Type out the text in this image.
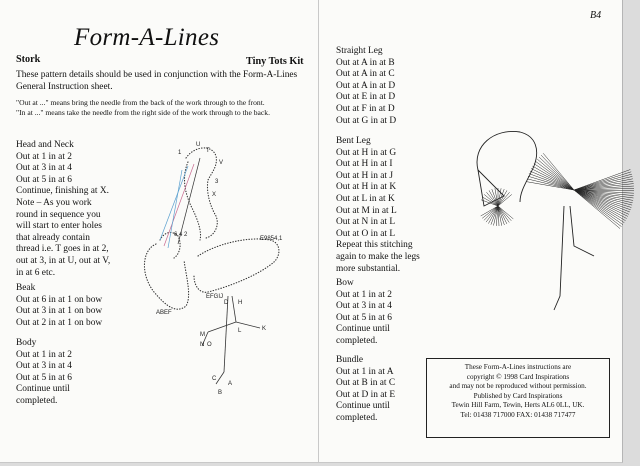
B4
Form-A-Lines
Stork	Tiny Tots Kit
These pattern details should be used in conjunction with the Form-A-Lines General Instruction sheet.
"Out at ..." means bring the needle from the back of the work through to the front.
"In at ..." means take the needle from the right side of the work through to the back.
Head and Neck
Out at 1 in at 2
Out at 3 in at 4
Out at 5 in at 6
Continue, finishing at X.
Note – As you work
round in sequence you
will start to enter holes
that already contain
thread i.e. T goes in at 2,
out at 3, in at U, out at V,
in at 6 etc.
Beak
Out at 6 in at 1 on bow
Out at 3 in at 1 on bow
Out at 2 in at 1 on bow
Body
Out at 1 in at 2
Out at 3 in at 4
Out at 5 in at 6
Continue until
completed.
Straight Leg
Out at A in at B
Out at A in at C
Out at A in at D
Out at E in at D
Out at F in at D
Out at G in at D
Bent Leg
Out at H in at G
Out at H in at I
Out at H in at J
Out at H in at K
Out at L in at K
Out at M in at L
Out at N in at L
Out at O in at L
Repeat this stitching
again to make the legs
more substantial.
Bow
Out at 1 in at 2
Out at 3 in at 4
Out at 5 in at 6
Continue until
completed.
Bundle
Out at 1 in at A
Out at B in at C
Out at D in at E
Continue until
completed.
These Form-A-Lines instructions are
copyright © 1998 Card Inspirations
and may not be reproduced without permission.
Published by Card Inspirations
Tewin Hill Farm, Tewin, Herts AL6 0LL, UK.
Tel: 01438 717000 FAX: 01438 717477
U
T
V
X
3
1
6 4 2
ABEF
E9854,1
EFGIJ
D H
K
L
M
N O
C
A
B
